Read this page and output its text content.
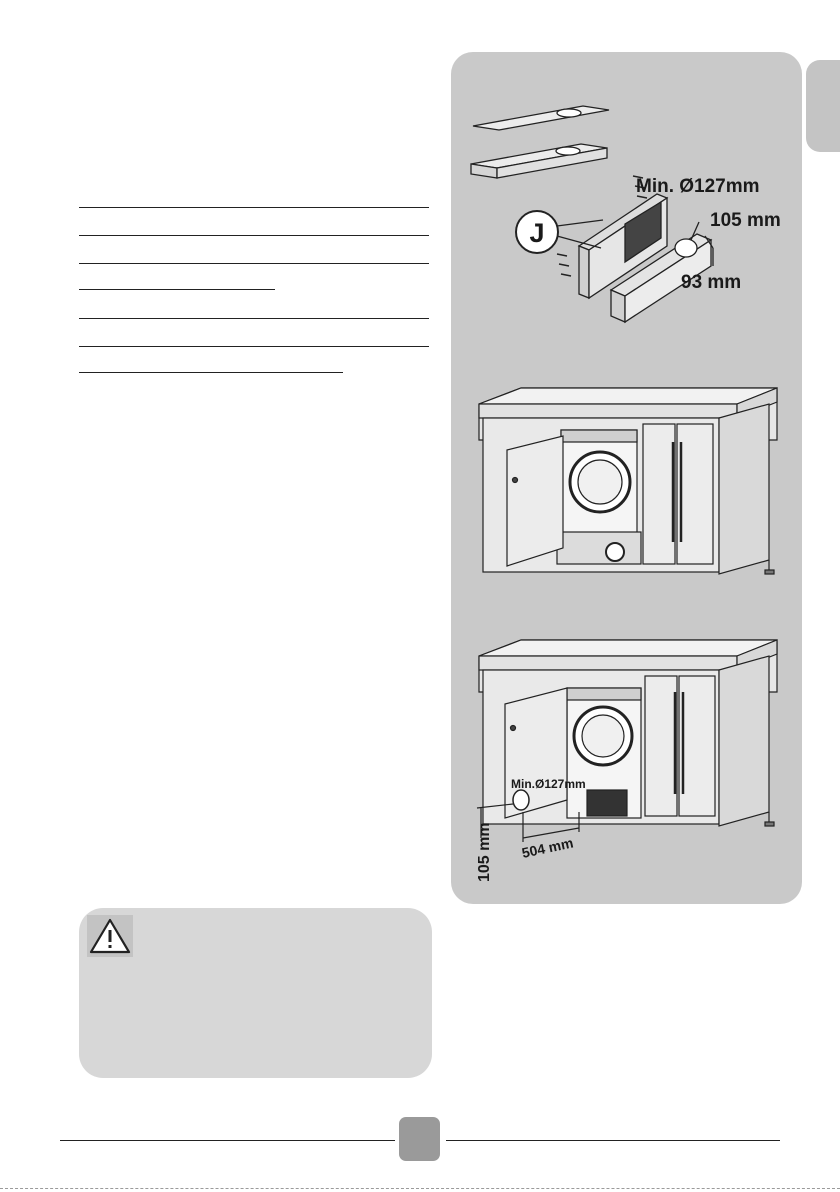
J
Min. Ø127mm
105 mm
93 mm
Min.Ø127mm
504 mm
105 mm
